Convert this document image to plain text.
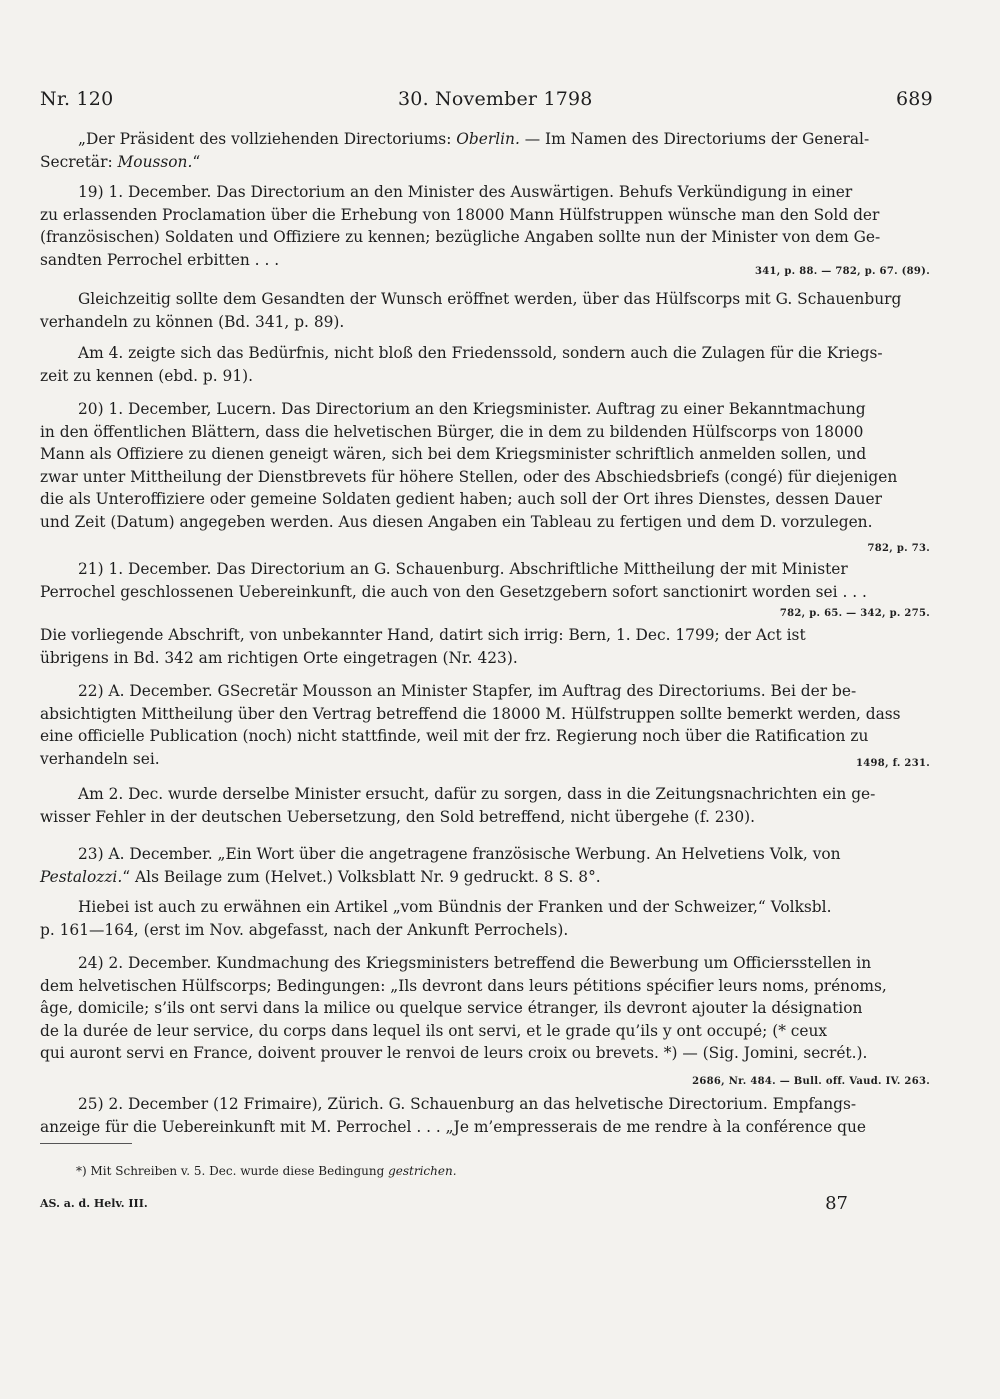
Nr. 120	30. November 1798	689
„Der Präsident des vollziehenden Directoriums: Oberlin. — Im Namen des Directoriums der General-
Secretär: Mousson.“
19) 1. December. Das Directorium an den Minister des Auswärtigen. Behufs Verkündigung in einer
zu erlassenden Proclamation über die Erhebung von 18000 Mann Hülfstruppen wünsche man den Sold der
(französischen) Soldaten und Offiziere zu kennen; bezügliche Angaben sollte nun der Minister von dem Ge-
sandten Perrochel erbitten . . .
341, p. 88. — 782, p. 67. (89).
Gleichzeitig sollte dem Gesandten der Wunsch eröffnet werden, über das Hülfscorps mit G. Schauenburg
verhandeln zu können (Bd. 341, p. 89).
Am 4. zeigte sich das Bedürfnis, nicht bloß den Friedenssold, sondern auch die Zulagen für die Kriegs-
zeit zu kennen (ebd. p. 91).
20) 1. December, Lucern. Das Directorium an den Kriegsminister. Auftrag zu einer Bekanntmachung
in den öffentlichen Blättern, dass die helvetischen Bürger, die in dem zu bildenden Hülfscorps von 18000
Mann als Offiziere zu dienen geneigt wären, sich bei dem Kriegsminister schriftlich anmelden sollen, und
zwar unter Mittheilung der Dienstbrevets für höhere Stellen, oder des Abschiedsbriefs (congé) für diejenigen
die als Unteroffiziere oder gemeine Soldaten gedient haben; auch soll der Ort ihres Dienstes, dessen Dauer
und Zeit (Datum) angegeben werden. Aus diesen Angaben ein Tableau zu fertigen und dem D. vorzulegen.
782, p. 73.
21) 1. December. Das Directorium an G. Schauenburg. Abschriftliche Mittheilung der mit Minister
Perrochel geschlossenen Uebereinkunft, die auch von den Gesetzgebern sofort sanctionirt worden sei . . .
782, p. 65. — 342, p. 275.
Die vorliegende Abschrift, von unbekannter Hand, datirt sich irrig: Bern, 1. Dec. 1799; der Act ist
übrigens in Bd. 342 am richtigen Orte eingetragen (Nr. 423).
22) A. December. GSecretär Mousson an Minister Stapfer, im Auftrag des Directoriums. Bei der be-
absichtigten Mittheilung über den Vertrag betreffend die 18000 M. Hülfstruppen sollte bemerkt werden, dass
eine officielle Publication (noch) nicht stattfinde, weil mit der frz. Regierung noch über die Ratification zu
verhandeln sei.	1498, f. 231.
Am 2. Dec. wurde derselbe Minister ersucht, dafür zu sorgen, dass in die Zeitungsnachrichten ein ge-
wisser Fehler in der deutschen Uebersetzung, den Sold betreffend, nicht übergehe (f. 230).
23) A. December. „Ein Wort über die angetragene französische Werbung. An Helvetiens Volk, von
Pestalozzi.“ Als Beilage zum (Helvet.) Volksblatt Nr. 9 gedruckt. 8 S. 8°.
Hiebei ist auch zu erwähnen ein Artikel „vom Bündnis der Franken und der Schweizer,“ Volksbl.
p. 161—164, (erst im Nov. abgefasst, nach der Ankunft Perrochels).
24) 2. December. Kundmachung des Kriegsministers betreffend die Bewerbung um Officiersstellen in
dem helvetischen Hülfscorps; Bedingungen: „Ils devront dans leurs pétitions spécifier leurs noms, prénoms,
âge, domicile; s’ils ont servi dans la milice ou quelque service étranger, ils devront ajouter la désignation
de la durée de leur service, du corps dans lequel ils ont servi, et le grade qu’ils y ont occupé; (* ceux
qui auront servi en France, doivent prouver le renvoi de leurs croix ou brevets. *) — (Sig. Jomini, secrét.).
2686, Nr. 484. — Bull. off. Vaud. IV. 263.
25) 2. December (12 Frimaire), Zürich. G. Schauenburg an das helvetische Directorium. Empfangs-
anzeige für die Uebereinkunft mit M. Perrochel . . . „Je m’empresserais de me rendre à la conférence que
*) Mit Schreiben v. 5. Dec. wurde diese Bedingung gestrichen.
AS. a. d. Helv. III.	87
